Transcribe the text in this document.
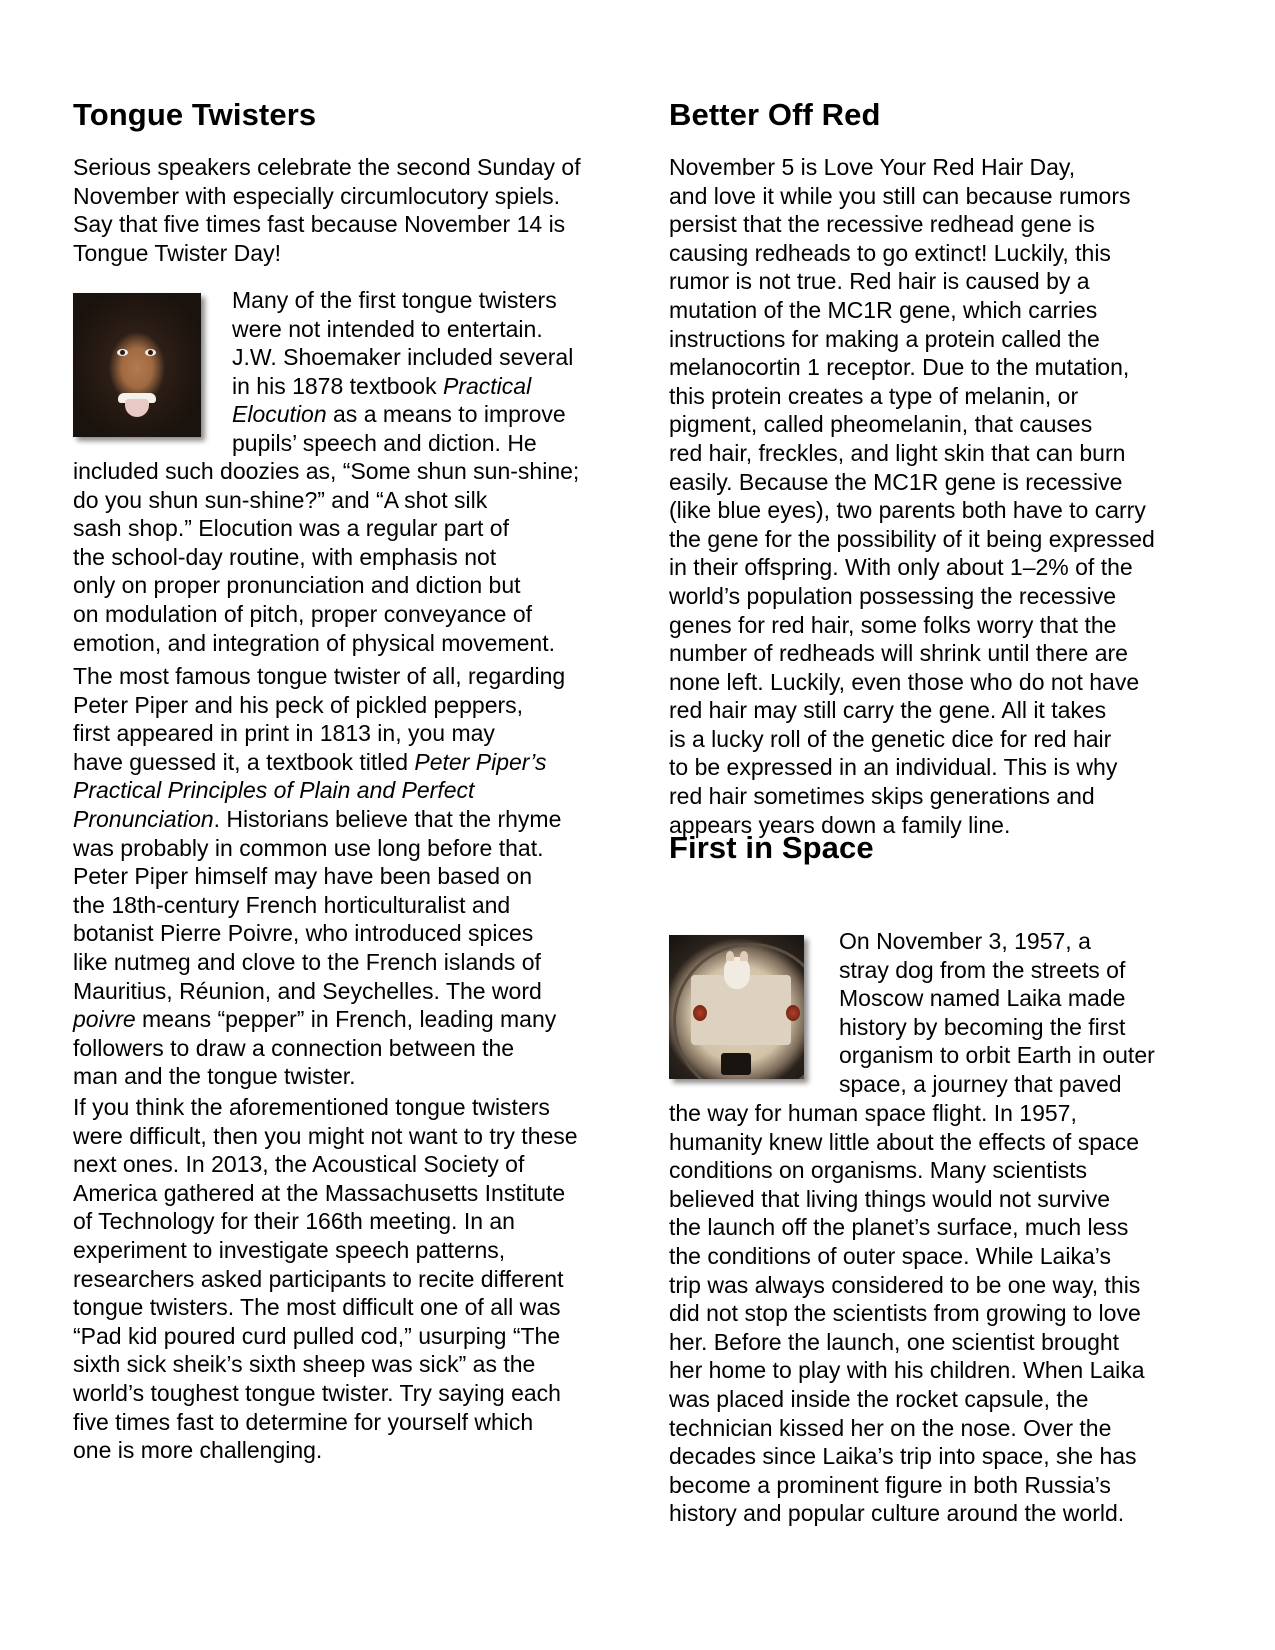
Tongue Twisters
Serious speakers celebrate the second Sunday of
November with especially circumlocutory spiels.
Say that five times fast because November 14 is
Tongue Twister Day!
Many of the first tongue twisters
were not intended to entertain.
J.W. Shoemaker included several
in his 1878 textbook Practical
Elocution as a means to improve
pupils’ speech and diction. He
included such doozies as, “Some shun sun-shine;
do you shun sun-shine?” and “A shot silk
sash shop.” Elocution was a regular part of
the school-day routine, with emphasis not
only on proper pronunciation and diction but
on modulation of pitch, proper conveyance of
emotion, and integration of physical movement.
The most famous tongue twister of all, regarding
Peter Piper and his peck of pickled peppers,
first appeared in print in 1813 in, you may
have guessed it, a textbook titled Peter Piper’s
Practical Principles of Plain and Perfect
Pronunciation. Historians believe that the rhyme
was probably in common use long before that.
Peter Piper himself may have been based on
the 18th-century French horticulturalist and
botanist Pierre Poivre, who introduced spices
like nutmeg and clove to the French islands of
Mauritius, Réunion, and Seychelles. The word
poivre means “pepper” in French, leading many
followers to draw a connection between the
man and the tongue twister.
If you think the aforementioned tongue twisters
were difficult, then you might not want to try these
next ones. In 2013, the Acoustical Society of
America gathered at the Massachusetts Institute
of Technology for their 166th meeting. In an
experiment to investigate speech patterns,
researchers asked participants to recite different
tongue twisters. The most difficult one of all was
“Pad kid poured curd pulled cod,” usurping “The
sixth sick sheik’s sixth sheep was sick” as the
world’s toughest tongue twister. Try saying each
five times fast to determine for yourself which
one is more challenging.
Better Off Red
November 5 is Love Your Red Hair Day,
and love it while you still can because rumors
persist that the recessive redhead gene is
causing redheads to go extinct! Luckily, this
rumor is not true. Red hair is caused by a
mutation of the MC1R gene, which carries
instructions for making a protein called the
melanocortin 1 receptor. Due to the mutation,
this protein creates a type of melanin, or
pigment, called pheomelanin, that causes
red hair, freckles, and light skin that can burn
easily. Because the MC1R gene is recessive
(like blue eyes), two parents both have to carry
the gene for the possibility of it being expressed
in their offspring. With only about 1–2% of the
world’s population possessing the recessive
genes for red hair, some folks worry that the
number of redheads will shrink until there are
none left. Luckily, even those who do not have
red hair may still carry the gene. All it takes
is a lucky roll of the genetic dice for red hair
to be expressed in an individual. This is why
red hair sometimes skips generations and
appears years down a family line.
First in Space
On November 3, 1957, a
stray dog from the streets of
Moscow named Laika made
history by becoming the first
organism to orbit Earth in outer
space, a journey that paved
the way for human space flight. In 1957,
humanity knew little about the effects of space
conditions on organisms. Many scientists
believed that living things would not survive
the launch off the planet’s surface, much less
the conditions of outer space. While Laika’s
trip was always considered to be one way, this
did not stop the scientists from growing to love
her. Before the launch, one scientist brought
her home to play with his children. When Laika
was placed inside the rocket capsule, the
technician kissed her on the nose. Over the
decades since Laika’s trip into space, she has
become a prominent figure in both Russia’s
history and popular culture around the world.
